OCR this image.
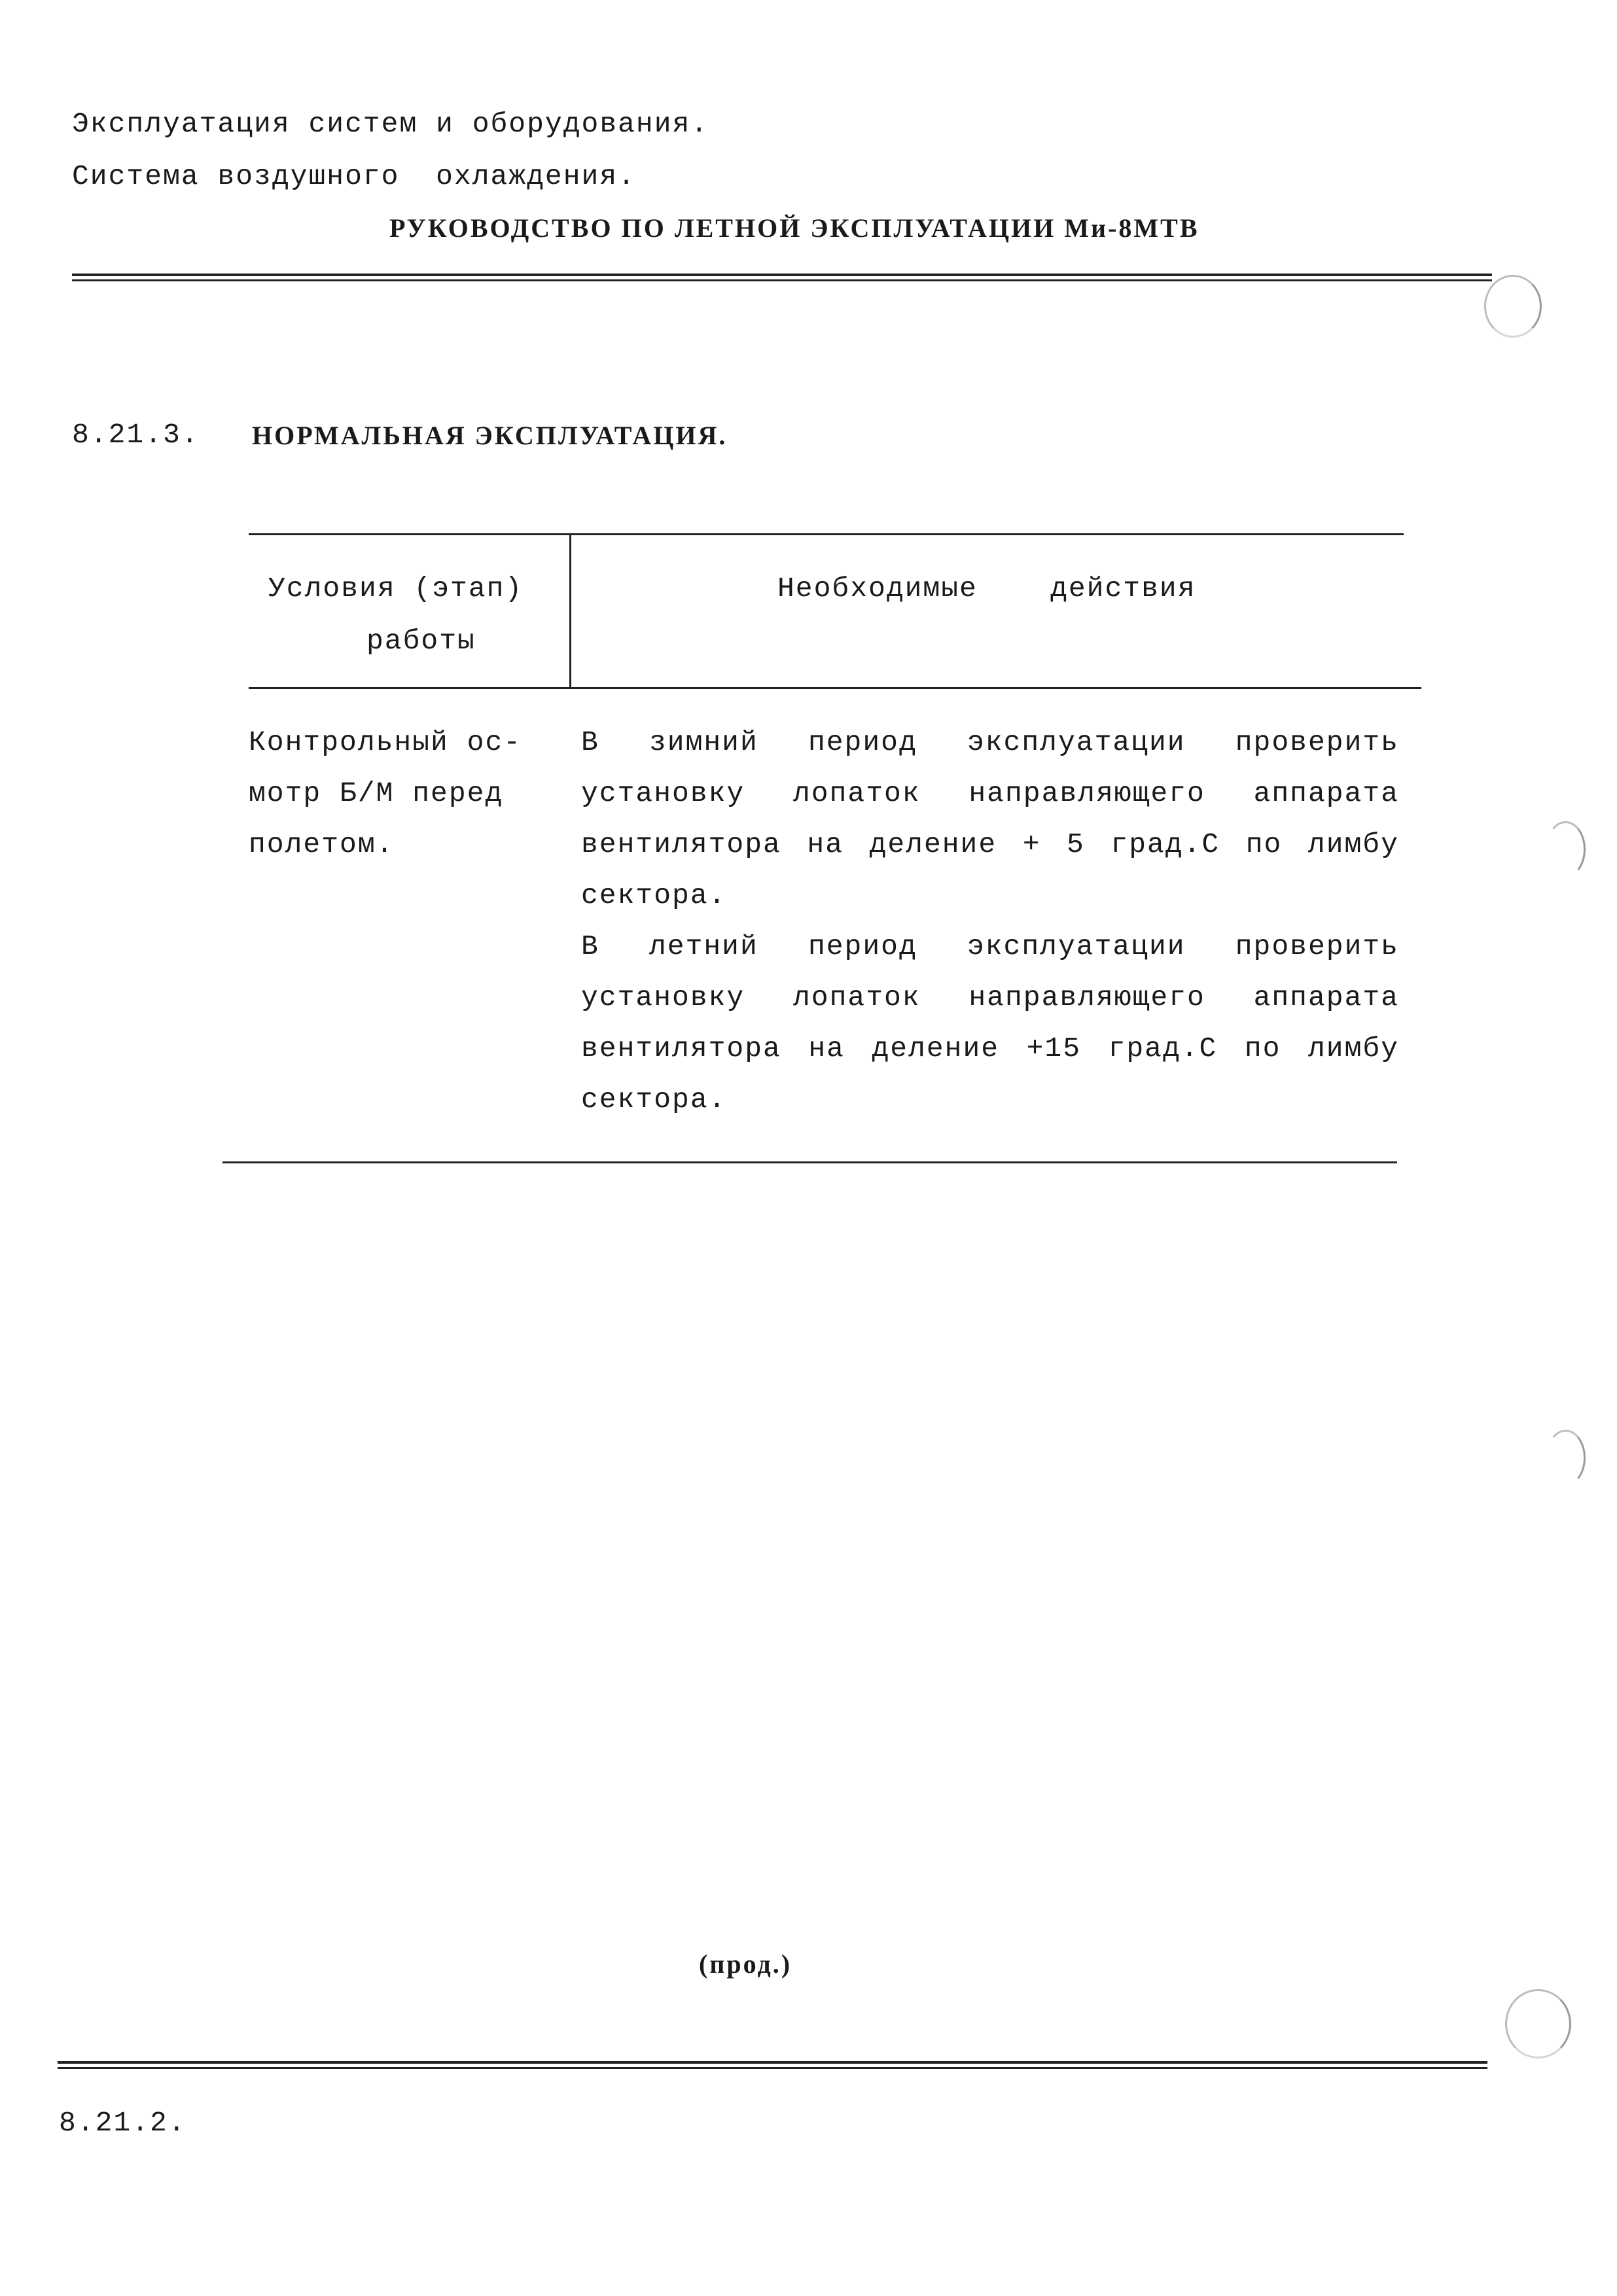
Эксплуатация систем и оборудования.
Система воздушного  охлаждения.
РУКОВОДСТВО ПО ЛЕТНОЙ ЭКСПЛУАТАЦИИ Ми-8МТВ
8.21.3. НОРМАЛЬНАЯ ЭКСПЛУАТАЦИЯ.
Условия (этап)
работы
Необходимые    действия
Контрольный ос-
мотр Б/М перед
полетом.
В зимний период эксплуатации проверить
установку лопаток направляющего аппарата
вентилятора на деление + 5 град.С по лимбу
сектора.
В летний период эксплуатации проверить
установку лопаток направляющего аппарата
вентилятора на деление +15 град.С по лимбу
сектора.
(прод.)
8.21.2.
